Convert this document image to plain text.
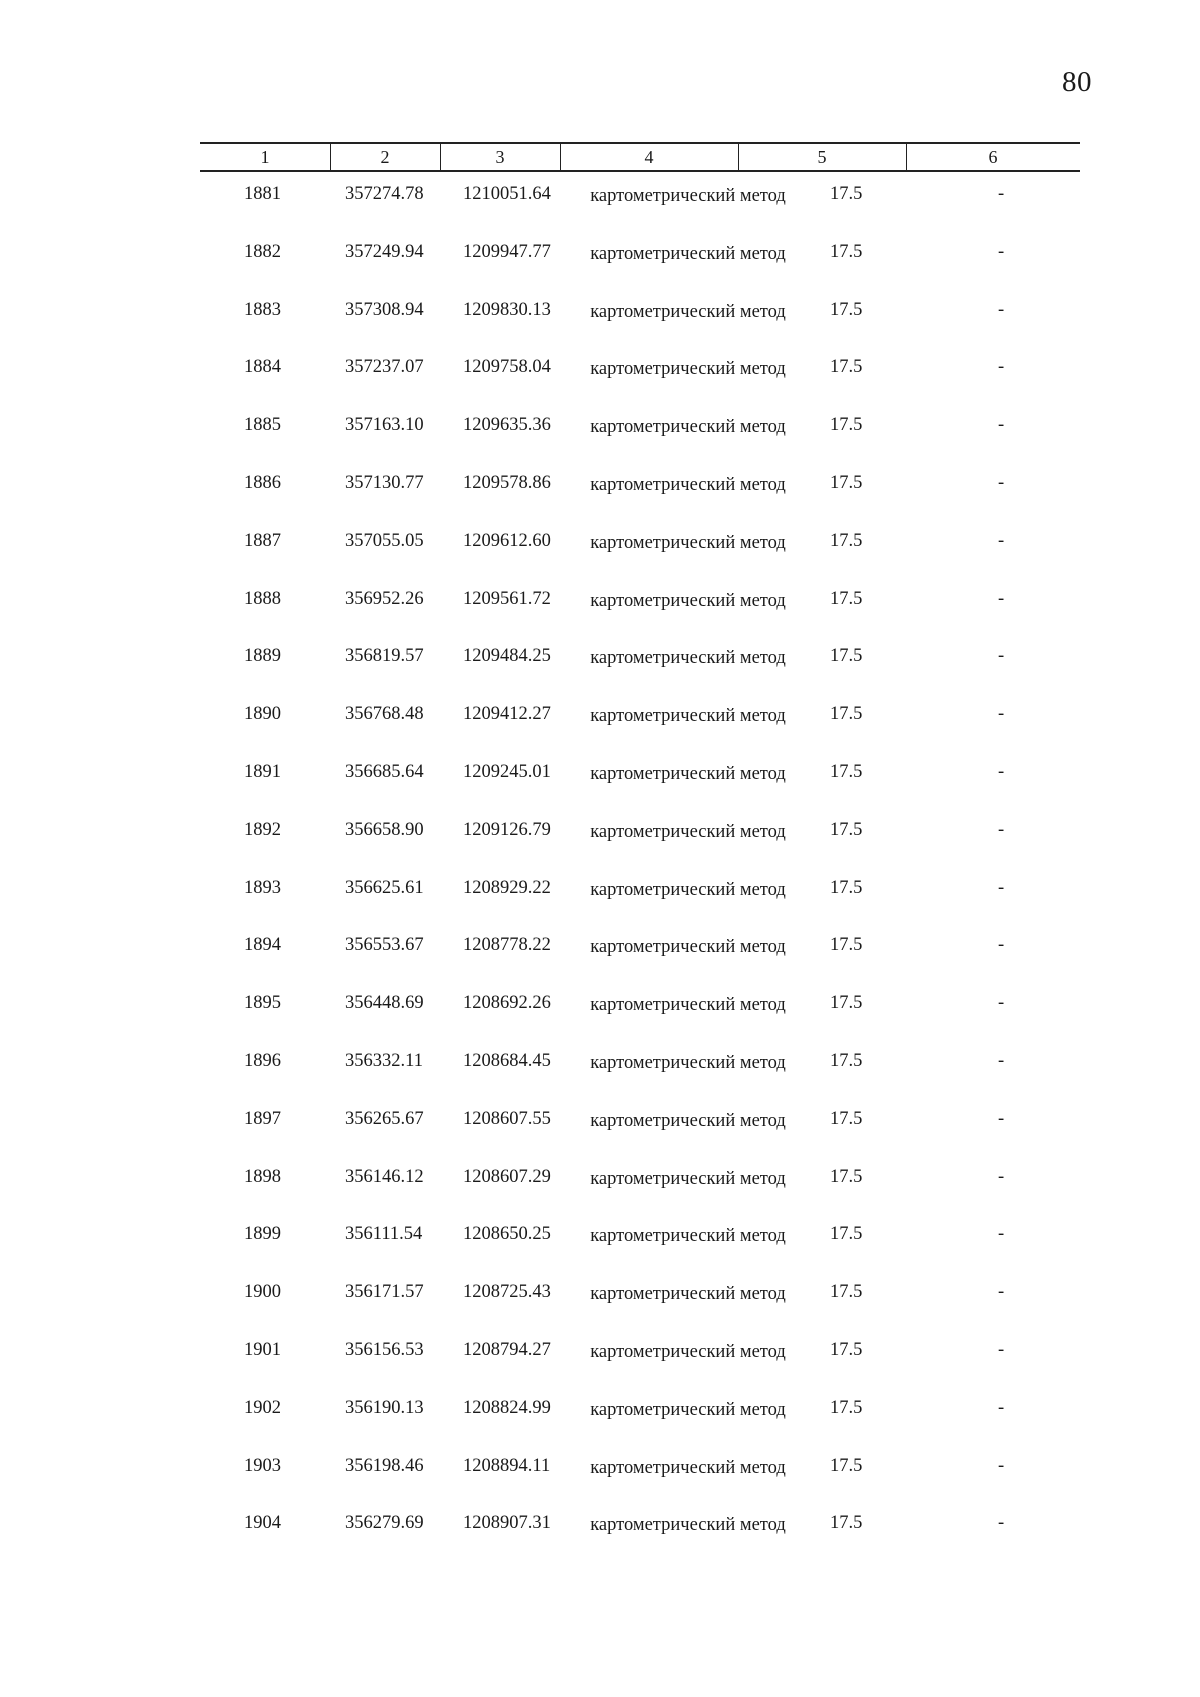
80
1	2	3	4	5	6
1881	357274.78 1210051.64 картометрический метод 17.5	-
1882	357249.94 1209947.77 картометрический метод 17.5	-
1883	357308.94 1209830.13 картометрический метод 17.5	-
1884	357237.07 1209758.04 картометрический метод 17.5	-
1885	357163.10 1209635.36 картометрический метод 17.5	-
1886	357130.77 1209578.86 картометрический метод 17.5	-
1887	357055.05 1209612.60 картометрический метод 17.5	-
1888	356952.26 1209561.72 картометрический метод 17.5	-
1889	356819.57 1209484.25 картометрический метод 17.5	-
1890	356768.48 1209412.27 картометрический метод 17.5	-
1891	356685.64 1209245.01 картометрический метод 17.5	-
1892	356658.90 1209126.79 картометрический метод 17.5	-
1893	356625.61 1208929.22 картометрический метод 17.5	-
1894	356553.67 1208778.22 картометрический метод 17.5	-
1895	356448.69 1208692.26 картометрический метод 17.5	-
1896	356332.11 1208684.45 картометрический метод 17.5	-
1897	356265.67 1208607.55 картометрический метод 17.5	-
1898	356146.12 1208607.29 картометрический метод 17.5	-
1899	356111.54 1208650.25 картометрический метод 17.5	-
1900	356171.57 1208725.43 картометрический метод 17.5	-
1901	356156.53 1208794.27 картометрический метод 17.5	-
1902	356190.13 1208824.99 картометрический метод 17.5	-
1903	356198.46 1208894.11 картометрический метод 17.5	-
1904	356279.69 1208907.31 картометрический метод 17.5	-
